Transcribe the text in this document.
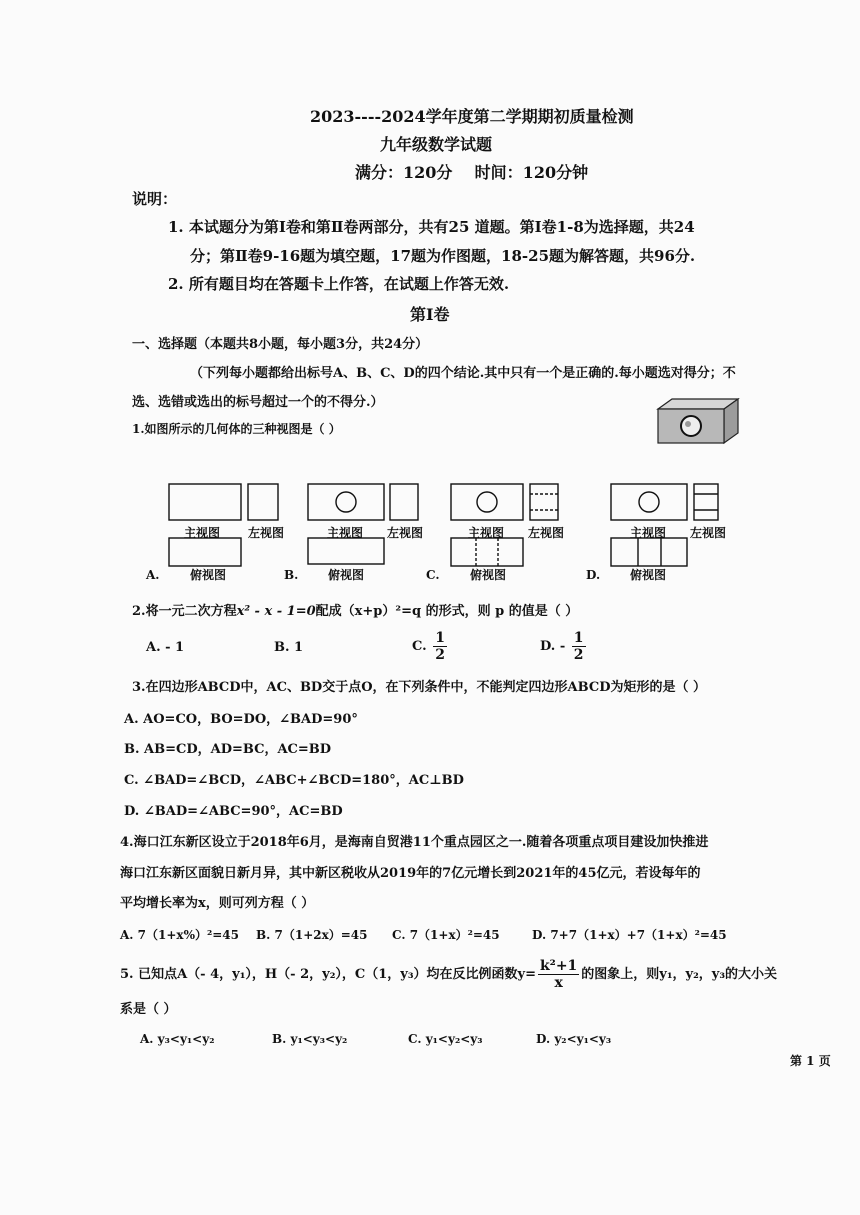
2023----2024学年度第二学期期初质量检测
九年级数学试题
满分：120分    时间：120分钟
说明：
1. 本试题分为第Ⅰ卷和第Ⅱ卷两部分，共有25 道题。第Ⅰ卷1-8为选择题，共24
分；第Ⅱ卷9-16题为填空题，17题为作图题，18-25题为解答题，共96分.
2. 所有题目均在答题卡上作答，在试题上作答无效.
第Ⅰ卷
一、选择题（本题共8小题，每小题3分，共24分）
（下列每小题都给出标号A、B、C、D的四个结论.其中只有一个是正确的.每小题选对得分；不
选、选错或选出的标号超过一个的不得分.）
1.如图所示的几何体的三种视图是（ ）
主视图 左视图	主视图 左视图	主视图 左视图	主视图 左视图
A.	俯视图	B. 俯视图	C.	俯视图	D. 俯视图
2.将一元二次方程x² - x - 1=0配成（x+p）²=q 的形式，则 p 的值是（ ）
A. - 1	B. 1	C. $\frac{1}{2}$	D. - $\frac{1}{2}$
3.在四边形ABCD中，AC、BD交于点O，在下列条件中，不能判定四边形ABCD为矩形的是（ ）
A. AO=CO，BO=DO，∠BAD=90°
B. AB=CD，AD=BC，AC=BD
C. ∠BAD=∠BCD，∠ABC+∠BCD=180°，AC⊥BD
D. ∠BAD=∠ABC=90°，AC=BD
4.海口江东新区设立于2018年6月，是海南自贸港11个重点园区之一.随着各项重点项目建设加快推进
海口江东新区面貌日新月异，其中新区税收从2019年的7亿元增长到2021年的45亿元，若设每年的
平均增长率为x，则可列方程（ ）
A. 7（1+x%）²=45 B. 7（1+2x）=45 C. 7（1+x）²=45	D. 7+7（1+x）+7（1+x）²=45
5. 已知点A（- 4，y₁），H（- 2，y₂），C（1，y₃）均在反比例函数$y= \frac{\text{k²+1}}{x}$ 的图象上，则y₁，y₂，y₃的大小关
系是（ ）
A. y₃<y₁<y₂	B. y₁<y₃<y₂	C. y₁<y₂<y₃	D. y₂<y₁<y₃
第 1 页
